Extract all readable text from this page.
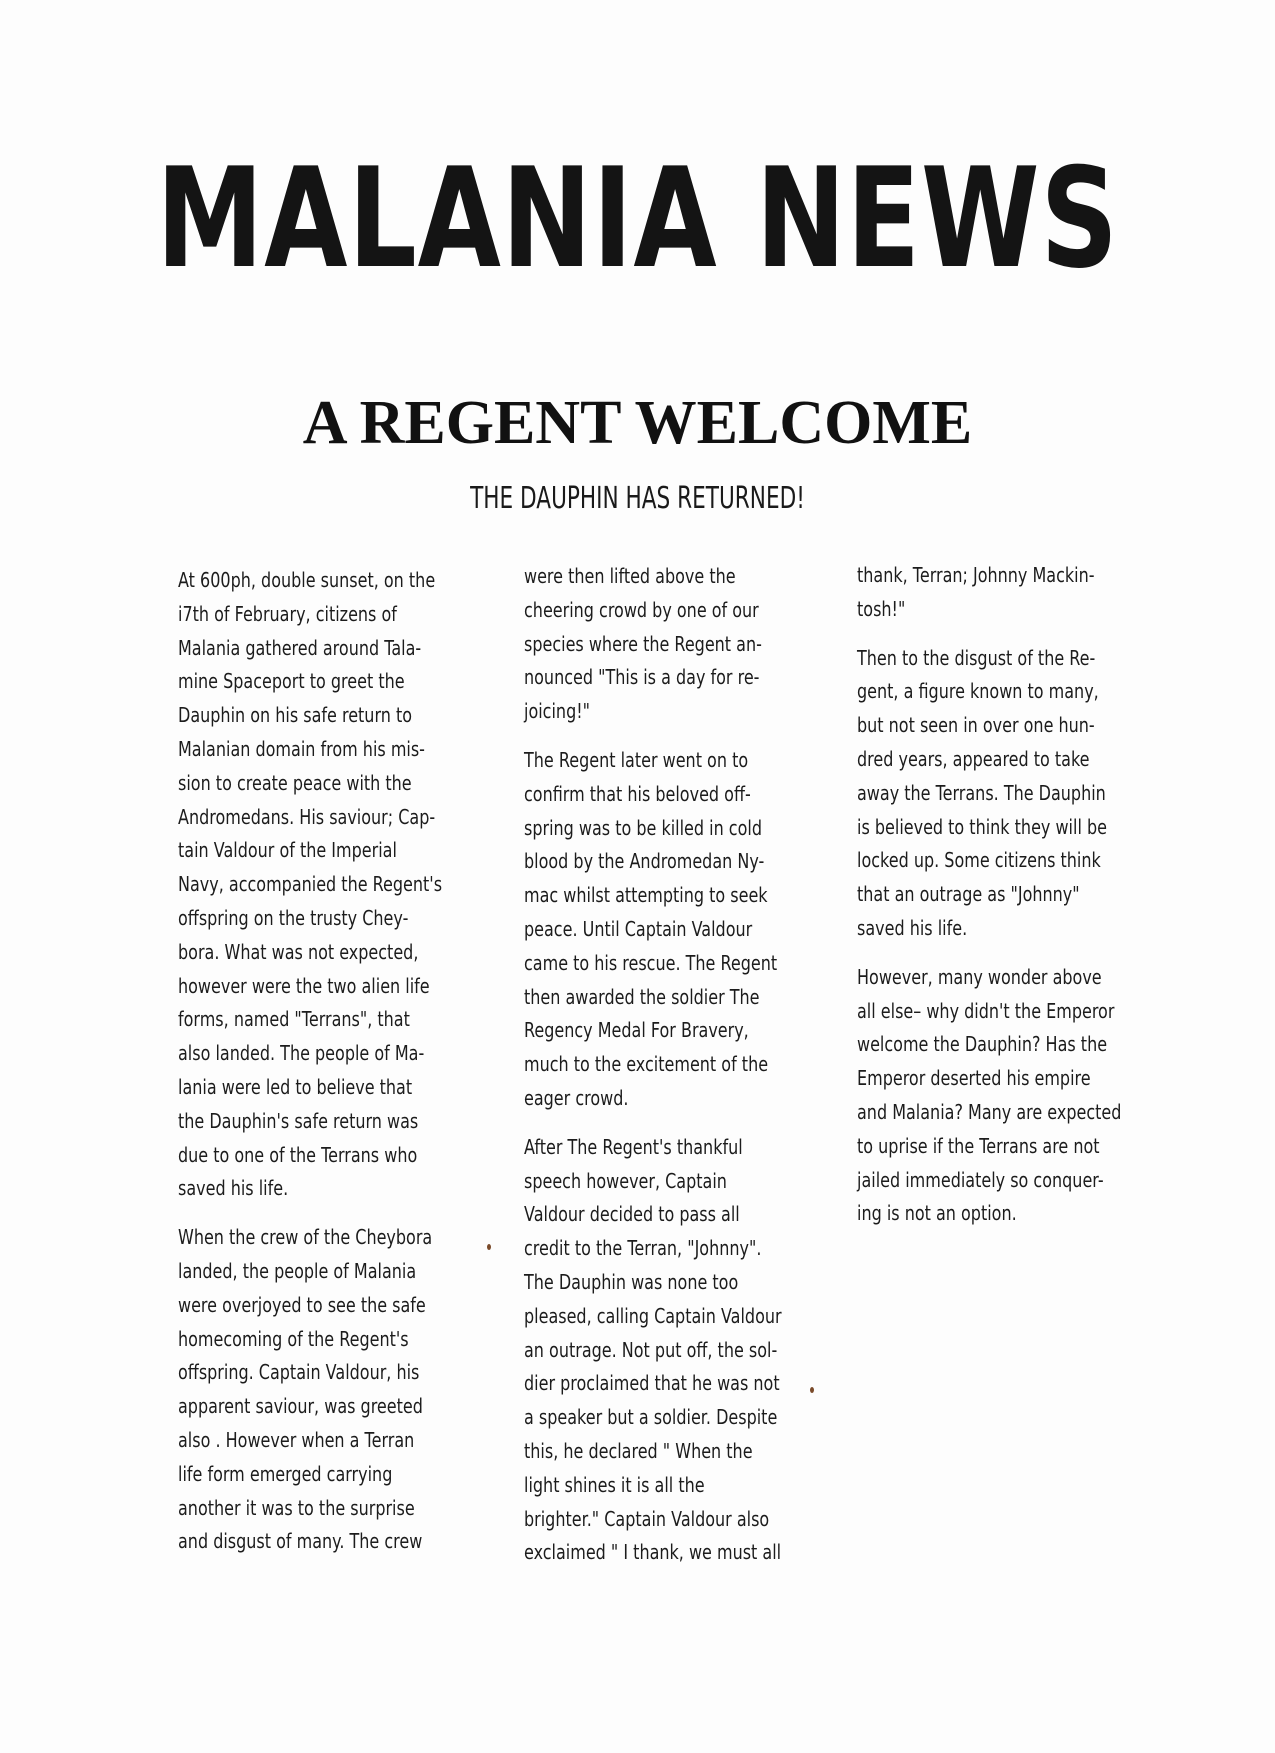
MALANIA NEWS
A REGENT WELCOME
THE DAUPHIN HAS RETURNED!

At 600ph, double sunset, on the
i7th of February, citizens of
Malania gathered around Tala-
mine Spaceport to greet the
Dauphin on his safe return to
Malanian domain from his mis-
sion to create peace with the
Andromedans. His saviour; Cap-
tain Valdour of the Imperial
Navy, accompanied the Regent's
offspring on the trusty Chey-
bora. What was not expected,
however were the two alien life
forms, named "Terrans", that
also landed. The people of Ma-
lania were led to believe that
the Dauphin's safe return was
due to one of the Terrans who
saved his life.

When the crew of the Cheybora
landed, the people of Malania
were overjoyed to see the safe
homecoming of the Regent's
offspring. Captain Valdour, his
apparent saviour, was greeted
also . However when a Terran
life form emerged carrying
another it was to the surprise
and disgust of many. The crew

were then lifted above the
cheering crowd by one of our
species where the Regent an-
nounced "This is a day for re-
joicing!"

The Regent later went on to
confirm that his beloved off-
spring was to be killed in cold
blood by the Andromedan Ny-
mac whilst attempting to seek
peace. Until Captain Valdour
came to his rescue. The Regent
then awarded the soldier The
Regency Medal For Bravery,
much to the excitement of the
eager crowd.

After The Regent's thankful
speech however, Captain
Valdour decided to pass all
credit to the Terran, "Johnny".
The Dauphin was none too
pleased, calling Captain Valdour
an outrage. Not put off, the sol-
dier proclaimed that he was not
a speaker but a soldier. Despite
this, he declared " When the
light shines it is all the
brighter." Captain Valdour also
exclaimed " I thank, we must all

thank, Terran; Johnny Mackin-
tosh!"

Then to the disgust of the Re-
gent, a figure known to many,
but not seen in over one hun-
dred years, appeared to take
away the Terrans. The Dauphin
is believed to think they will be
locked up. Some citizens think
that an outrage as "Johnny"
saved his life.

However, many wonder above
all else– why didn't the Emperor
welcome the Dauphin? Has the
Emperor deserted his empire
and Malania? Many are expected
to uprise if the Terrans are not
jailed immediately so conquer-
ing is not an option.
